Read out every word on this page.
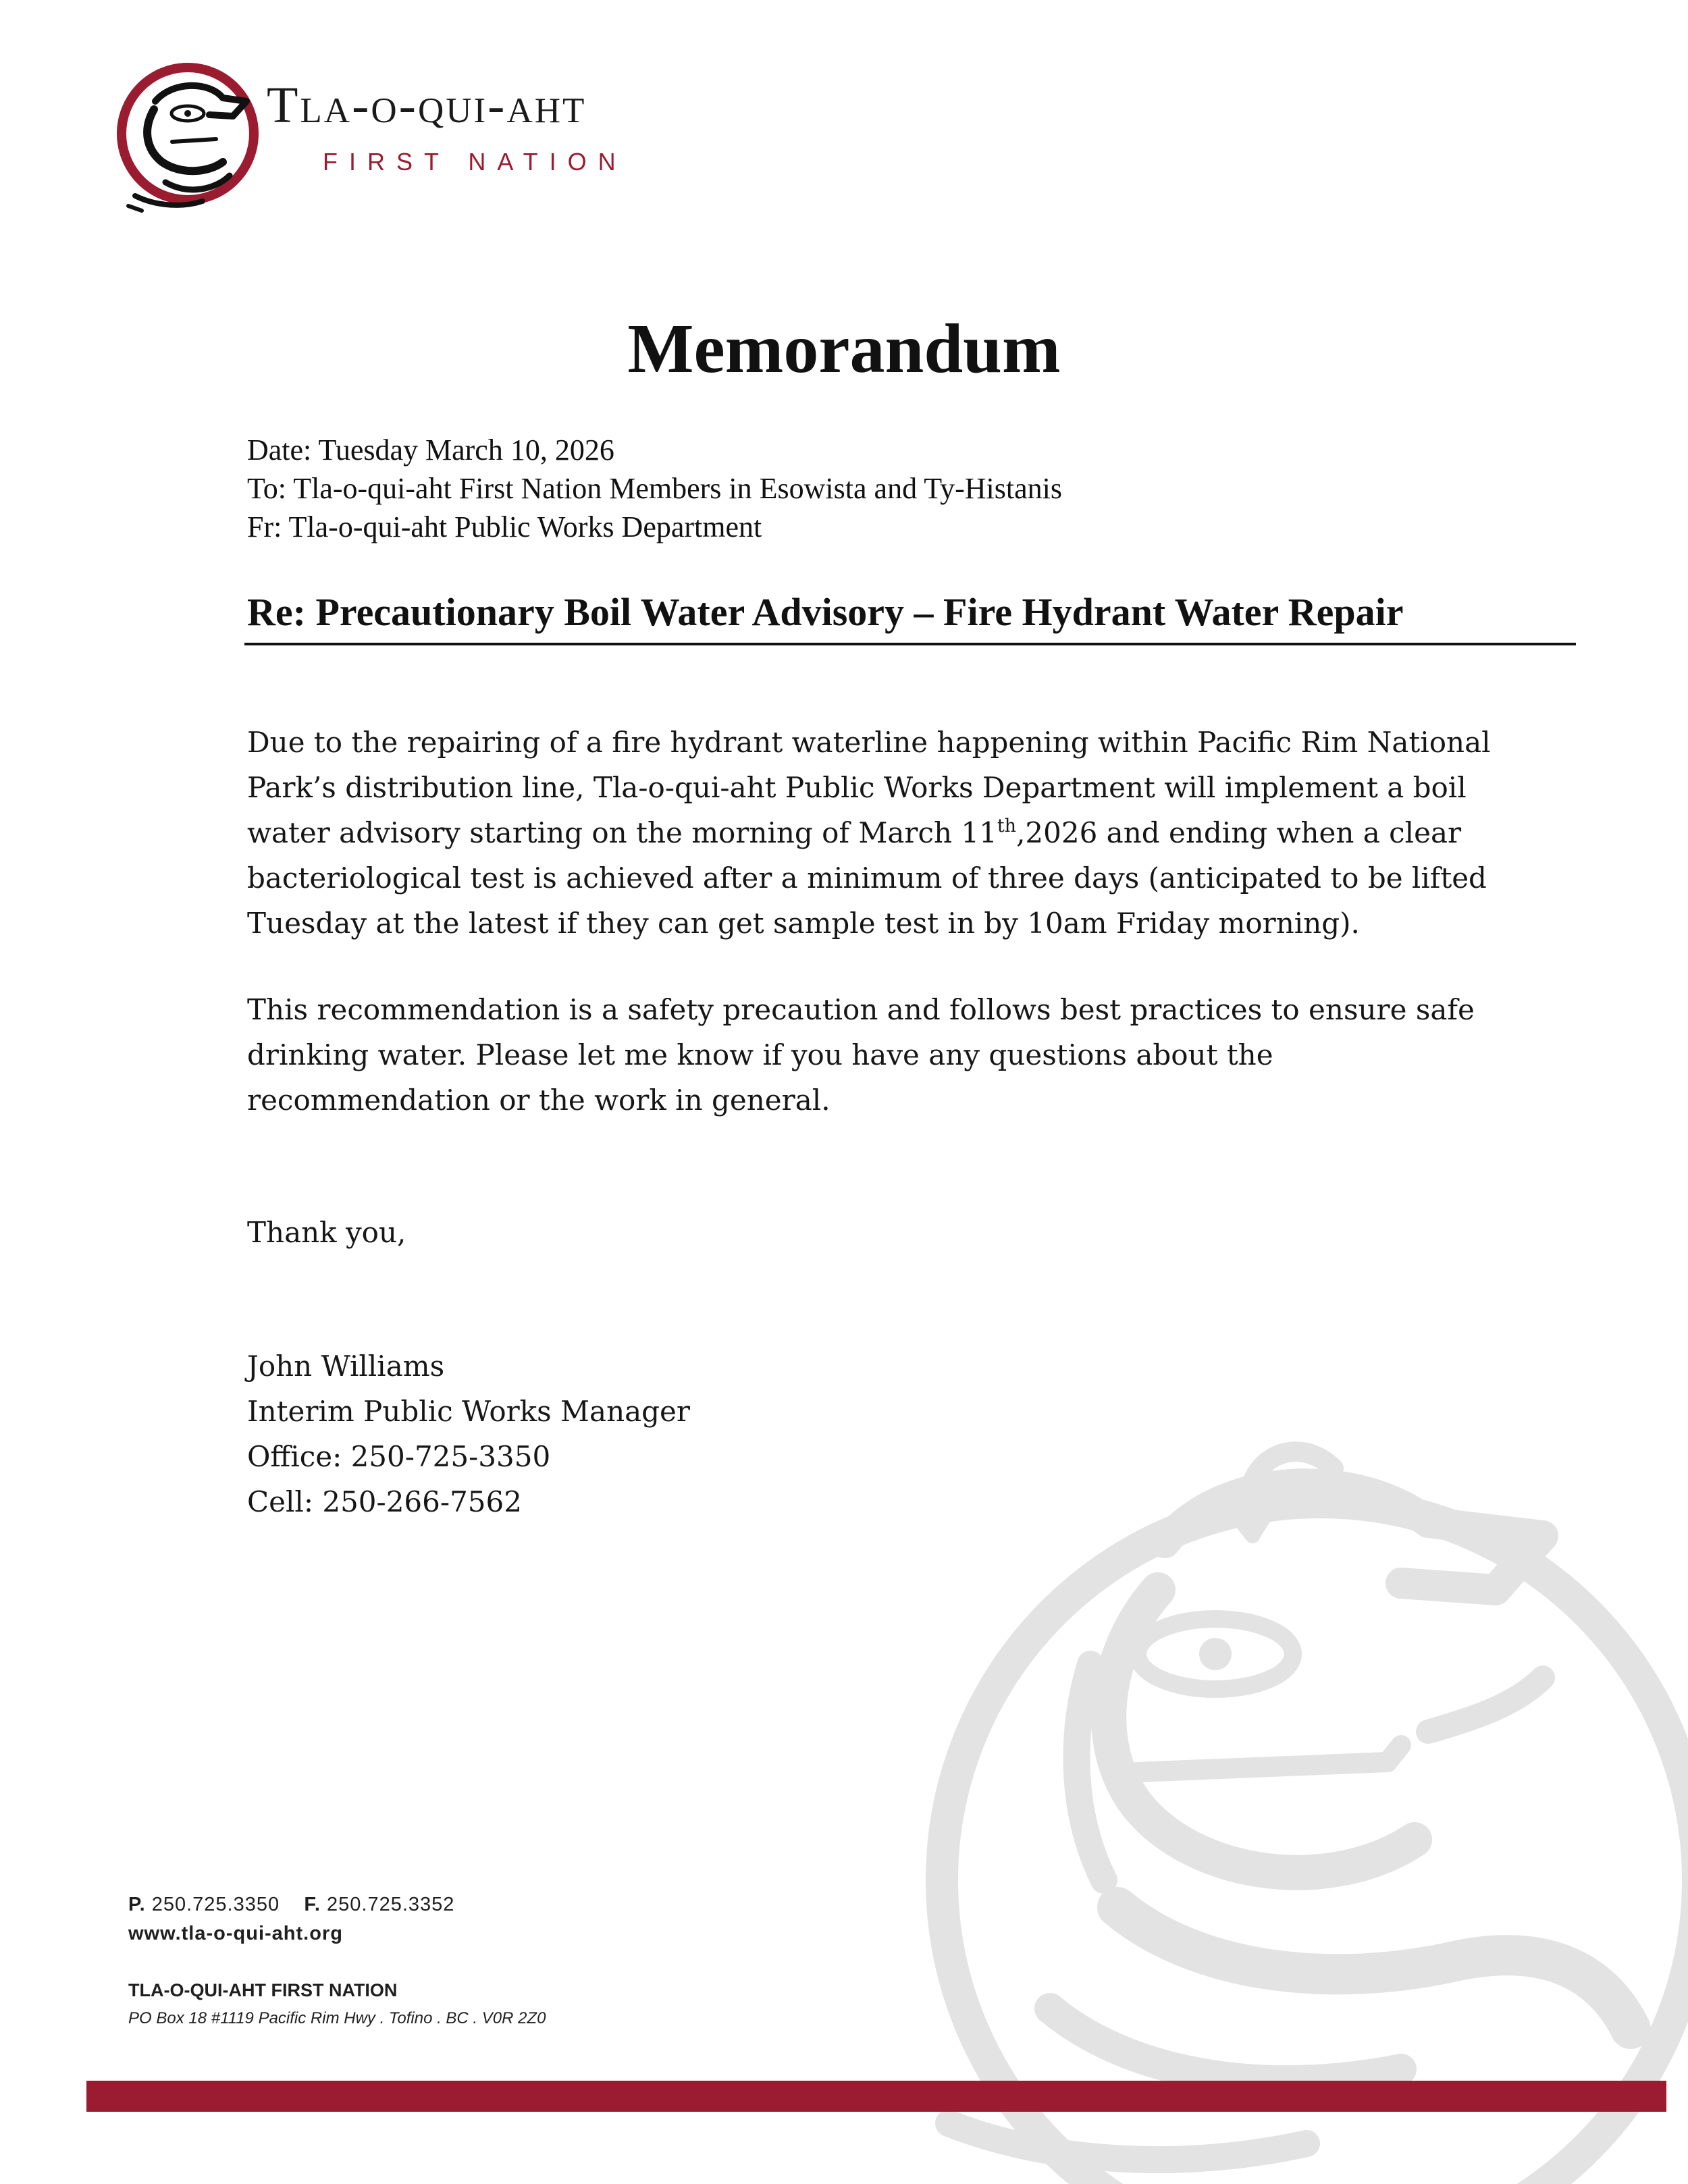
Tla-o-qui-aht
FIRST NATION
Memorandum
Date: Tuesday March 10, 2026
To: Tla-o-qui-aht First Nation Members in Esowista and Ty-Histanis
Fr: Tla-o-qui-aht Public Works Department
Re: Precautionary Boil Water Advisory – Fire Hydrant Water Repair
Due to the repairing of a fire hydrant waterline happening within Pacific Rim National Park’s distribution line, Tla-o-qui-aht Public Works Department will implement a boil water advisory starting on the morning of March 11th,2026 and ending when a clear bacteriological test is achieved after a minimum of three days (anticipated to be lifted Tuesday at the latest if they can get sample test in by 10am Friday morning).
This recommendation is a safety precaution and follows best practices to ensure safe drinking water. Please let me know if you have any questions about the recommendation or the work in general.
Thank you,
John Williams
Interim Public Works Manager
Office: 250-725-3350
Cell: 250-266-7562
P. 250.725.3350 F. 250.725.3352
www.tla-o-qui-aht.org
TLA-O-QUI-AHT FIRST NATION
PO Box 18 #1119 Pacific Rim Hwy . Tofino . BC . V0R 2Z0
